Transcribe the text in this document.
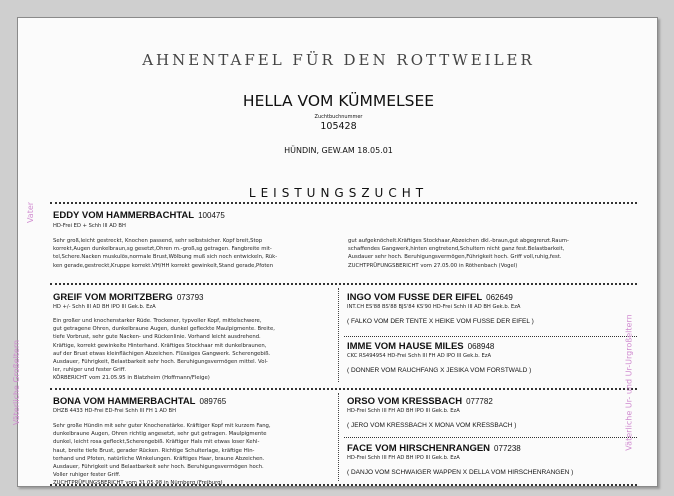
AHNENTAFEL FÜR DEN ROTTWEILER
HELLA VOM KÜMMELSEE
Zuchtbuchnummer
105428
HÜNDIN, GEW.AM 18.05.01
LEISTUNGSZUCHT
Vater
Väterliche Großeltern	Väterliche Ur- und Ur-Urgroßeltern
EDDY VOM HAMMERBACHTAL 100475
HD-Frei ED + Schh III AD BH
Sehr groß,leicht gestreckt, Knochen passend, sehr selbstsicher. Kopf breit,Stop
korrekt,Augen dunkelbraun,sg gesetzt,Ohren m.-groß,sg getragen. Fangbreite mit-
tel,Schere.Nacken muskulös,normale Brust,Wölbung muß sich noch entwickeln, Rük-
ken gerade,gestreckt,Kruppe korrekt.VH/HH korrekt gewinkelt,Stand gerade,Pfoten
gut aufgeknöchelt.Kräftiges Stockhaar,Abzeichen dkl.-braun,gut abgegrenzt.Raum-
schaffendes Gangwerk,hinten engtretend,Schultern nicht ganz fest.Belastbarkeit,
Ausdauer sehr hoch. Beruhigungsvermögen,Führigkeit hoch. Griff voll,ruhig,fest.
ZUCHTPRÜFUNGSBERICHT vom 27.05.00 in Röthenbach (Vogel)
GREIF VOM MORITZBERG 073793
HD +/- Schh III AD BH IPO III Gek.b. EzA
Ein großer und knochenstarker Rüde. Trockener, typvoller Kopf, mittelschwere,
gut getragene Ohren, dunkelbraune Augen, dunkel gefleckte Maulpigmente. Breite,
tiefe Vorbrust, sehr gute Nacken- und Rückenlinie. Vorhand leicht ausdrehend.
Kräftige, korrekt gewinkelte Hinterhand. Kräftiges Stockhaar mit dunkelbraunen,
auf der Brust etwas kleinflächigen Abzeichen. Flüssiges Gangwerk. Scherengebiß.
Ausdauer, Führigkeit, Belastbarkeit sehr hoch. Beruhigungsvermögen mittel. Vol-
ler, ruhiger und fester Griff.
KÖRBERICHT vom 21.05.95 in Blatzheim (Hoffmann/Fleige)
BONA VOM HAMMERBACHTAL 089765
DHZB 4433 HD-Frei ED-Frei Schh III FH 1 AD BH
Sehr große Hündin mit sehr guter Knochenstärke. Kräftiger Kopf mit kurzem Fang,
dunkelbraune Augen, Ohren richtig angesetzt, sehr gut getragen. Maulpigmente
dunkel, leicht rosa gefleckt,Scherengebiß. Kräftiger Hals mit etwas loser Kehl-
haut, breite tiefe Brust, gerader Rücken. Richtige Schulterlage, kräftige Hin-
terhand und Pfoten, natürliche Winkelungen. Kräftiges Haar, braune Abzeichen.
Ausdauer, Führigkeit und Belastbarkeit sehr hoch. Beruhigungsvermögen hoch.
Voller ruhiger fester Griff.
ZUCHTPRÜFUNGSBERICHT vom 31.05.98 in Nürnberg (Freiburg)
INGO VOM FUSSE DER EIFEL 062649
INT.CH ES'88 BS'88 BJS'84 KS'90 HD-Frei Schh III AD BH Gek.b. EzA
( FALKO VOM DER TENTE X HEIKE VOM FUSSE DER EIFEL )
IMME VOM HAUSE MILES 068948
CKC RS494954 HD-Frei Schh III FH AD IPO III Gek.b. EzA
( DONNER VOM RAUCHFANG X JESIKA VOM FORSTWALD )
ORSO VOM KRESSBACH 077782
HD-Frei Schh III FH AD BH IPO III Gek.b. EzA
( JERO VOM KRESSBACH X MONA VOM KRESSBACH )
FACE VOM HIRSCHENRANGEN 077238
HD-Frei Schh III FH AD BH IPO III Gek.b. EzA
( DANJO VOM SCHWAIGER WAPPEN X DELLA VOM HIRSCHENRANGEN )
